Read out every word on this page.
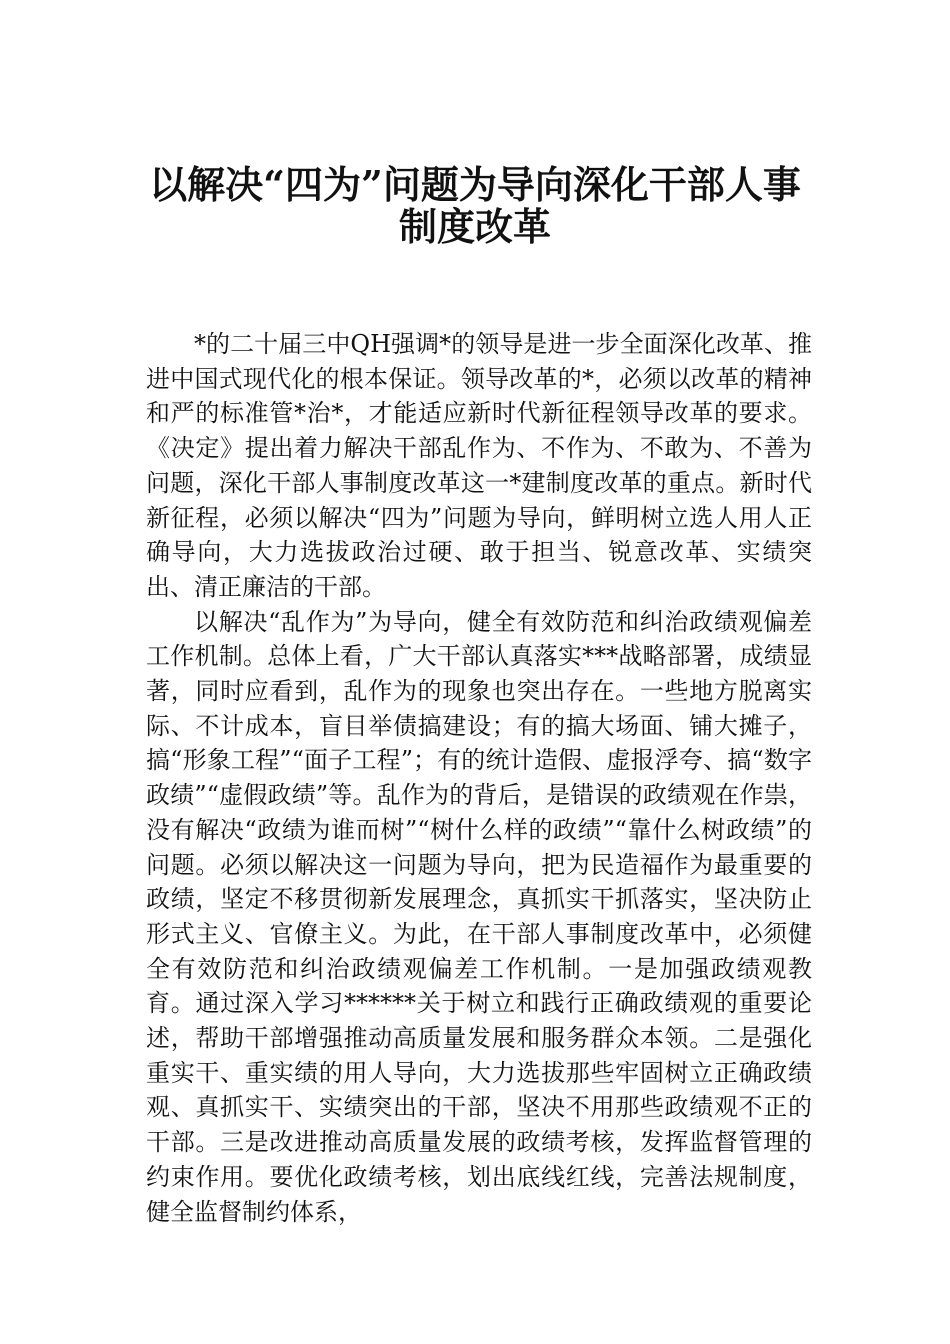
以解决“四为”问题为导向深化干部人事
制度改革

*的二十届三中QH强调*的领导是进一步全面深化改革、推进中国式现代化的根本保证。领导改革的*，必须以改革的精神和严的标准管*治*，才能适应新时代新征程领导改革的要求。《决定》提出着力解决干部乱作为、不作为、不敢为、不善为问题，深化干部人事制度改革这一*建制度改革的重点。新时代新征程，必须以解决“四为”问题为导向，鲜明树立选人用人正确导向，大力选拔政治过硬、敢于担当、锐意改革、实绩突出、清正廉洁的干部。

以解决“乱作为”为导向，健全有效防范和纠治政绩观偏差工作机制。总体上看，广大干部认真落实***战略部署，成绩显著，同时应看到，乱作为的现象也突出存在。一些地方脱离实际、不计成本，盲目举债搞建设；有的搞大场面、铺大摊子，搞“形象工程”“面子工程”；有的统计造假、虚报浮夸、搞“数字政绩”“虚假政绩”等。乱作为的背后，是错误的政绩观在作祟，没有解决“政绩为谁而树”“树什么样的政绩”“靠什么树政绩”的问题。必须以解决这一问题为导向，把为民造福作为最重要的政绩，坚定不移贯彻新发展理念，真抓实干抓落实，坚决防止形式主义、官僚主义。为此，在干部人事制度改革中，必须健全有效防范和纠治政绩观偏差工作机制。一是加强政绩观教育。通过深入学习******关于树立和践行正确政绩观的重要论述，帮助干部增强推动高质量发展和服务群众本领。二是强化重实干、重实绩的用人导向，大力选拔那些牢固树立正确政绩观、真抓实干、实绩突出的干部，坚决不用那些政绩观不正的干部。三是改进推动高质量发展的政绩考核，发挥监督管理的约束作用。要优化政绩考核，划出底线红线，完善法规制度，健全监督制约体系，
